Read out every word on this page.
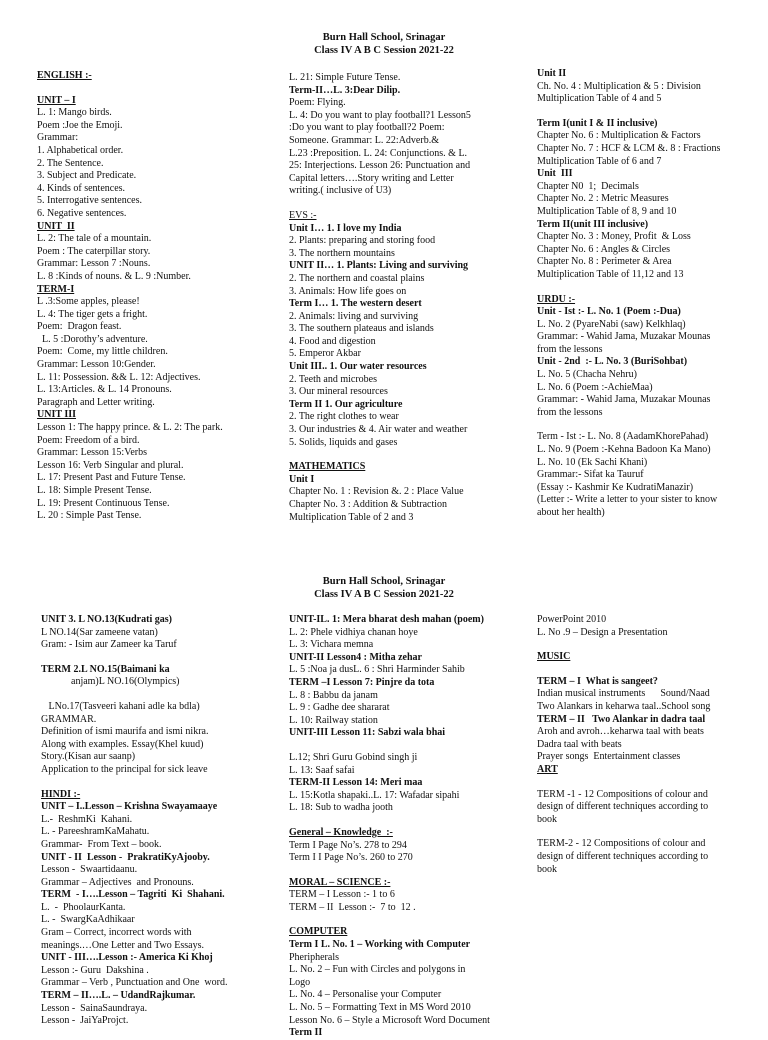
Burn Hall School, Srinagar
Class IV A B C Session 2021-22
ENGLISH :-
UNIT – I
L. 1: Mango birds.
Poem :Joe the Emoji.
Grammar:
1. Alphabetical order.
2. The Sentence.
3. Subject and Predicate.
4. Kinds of sentences.
5. Interrogative sentences.
6. Negative sentences.
UNIT  II
L. 2: The tale of a mountain.
Poem : The caterpillar story.
Grammar: Lesson 7 :Nouns.
L. 8 :Kinds of nouns. & L. 9 :Number.
TERM-I
L .3:Some apples, please!
L. 4: The tiger gets a fright.
Poem:  Dragon feast.
L. 5 :Dorothy’s adventure.
Poem:  Come, my little children.
Grammar: Lesson 10:Gender.
L. 11: Possession. && L. 12: Adjectives.
L. 13:Articles. & L. 14 Pronouns.
Paragraph and Letter writing.
UNIT III
Lesson 1: The happy prince. & L. 2: The park.
Poem: Freedom of a bird.
Grammar: Lesson 15:Verbs
Lesson 16: Verb Singular and plural.
L. 17: Present Past and Future Tense.
L. 18: Simple Present Tense.
L. 19: Present Continuous Tense.
L. 20 : Simple Past Tense.
L. 21: Simple Future Tense.
Term-II…L. 3:Dear Dilip.
Poem: Flying.
L. 4: Do you want to play football?1 Lesson5
:Do you want to play football?2 Poem:
Someone. Grammar: L. 22:Adverb.&
L.23 :Preposition. L. 24: Conjunctions. & L.
25: Interjections. Lesson 26: Punctuation and
Capital letters….Story writing and Letter
writing.( inclusive of U3)
EVS :-
Unit I… 1. I love my India
2. Plants: preparing and storing food
3. The northern mountains
UNIT II… 1. Plants: Living and surviving
2. The northern and coastal plains
3. Animals: How life goes on
Term I… 1. The western desert
2. Animals: living and surviving
3. The southern plateaus and islands
4. Food and digestion
5. Emperor Akbar
Unit III.. 1. Our water resources
2. Teeth and microbes
3. Our mineral resources
Term II 1. Our agriculture
2. The right clothes to wear
3. Our industries & 4. Air water and weather
5. Solids, liquids and gases
MATHEMATICS
Unit I
Chapter No. 1 : Revision &. 2 : Place Value
Chapter No. 3 : Addition & Subtraction
Multiplication Table of 2 and 3
Unit II
Ch. No. 4 : Multiplication & 5 : Division
Multiplication Table of 4 and 5
Term I(unit I & II inclusive)
Chapter No. 6 : Multiplication & Factors
Chapter No. 7 : HCF & LCM &. 8 : Fractions
Multiplication Table of 6 and 7
Unit  III
Chapter N0  1;  Decimals
Chapter No. 2 : Metric Measures
Multiplication Table of 8, 9 and 10
Term II(unit III inclusive)
Chapter No. 3 : Money, Profit  & Loss
Chapter No. 6 : Angles & Circles
Chapter No. 8 : Perimeter & Area
Multiplication Table of 11,12 and 13
URDU :-
Unit - Ist :- L. No. 1 (Poem :-Dua)
L. No. 2 (PyareNabi (saw) Kelkhlaq)
Grammar: - Wahid Jama, Muzakar Mounas
from the lessons
Unit - 2nd  :- L. No. 3 (BuriSohbat)
L. No. 5 (Chacha Nehru)
L. No. 6 (Poem :-AchieMaa)
Grammar: - Wahid Jama, Muzakar Mounas
from the lessons
Term - Ist :- L. No. 8 (AadamKhorePahad)
L. No. 9 (Poem :-Kehna Badoon Ka Mano)
L. No. 10 (Ek Sachi Khani)
Grammar:- Sifat ka Tauruf
(Essay :- Kashmir Ke KudratiManazir)
(Letter :- Write a letter to your sister to know
about her health)
Burn Hall School, Srinagar
Class IV A B C Session 2021-22
UNIT 3. L NO.13(Kudrati gas)
L NO.14(Sar zameene vatan)
Gram: - Isim aur Zameer ka Taruf
TERM 2.L NO.15(Baimani ka
anjam)L NO.16(Olympics)
LNo.17(Tasveeri kahani adle ka bdla)
GRAMMAR.
Definition of ismi maurifa and ismi nikra.
Along with examples. Essay(Khel kuud)
Story.(Kisan aur saanp)
Application to the principal for sick leave
HINDI :-
UNIT – I..Lesson – Krishna Swayamaaye
L.-  ReshmKi  Kahani.
L. - PareeshramKaMahatu.
Grammar-  From Text – book.
UNIT - II  Lesson -  PrakratiKyAjooby.
Lesson -  Swaartidaanu.
Grammar – Adjectives  and Pronouns.
TERM  - I….Lesson – Tagriti  Ki  Shahani.
L.  -  PhoolaurKanta.
L. -  SwargKaAdhikaar
Gram – Correct, incorrect words with
meanings.…One Letter and Two Essays.
UNIT - III….Lesson :- America Ki Khoj
Lesson :- Guru  Dakshina .
Grammar – Verb , Punctuation and One  word.
TERM – II….L. – UdandRajkumar.
Lesson -  SainaSaundraya.
Lesson -  JaiYaProjct.
UNIT-IL. 1: Mera bharat desh mahan (poem)
L. 2: Phele vidhiya chanan hoye
L. 3: Vichara memna
UNIT-II Lesson4 : Mitha zehar
L. 5 :Noa ja dusL. 6 : Shri Harminder Sahib
TERM –I Lesson 7: Pinjre da tota
L. 8 : Babbu da janam
L. 9 : Gadhe dee shararat
L. 10: Railway station
UNIT-III Lesson 11: Sabzi wala bhai
L.12; Shri Guru Gobind singh ji
L. 13: Saaf safai
TERM-II Lesson 14: Meri maa
L. 15:Kotla shapaki..L. 17: Wafadar sipahi
L. 18: Sub to wadha jooth
General – Knowledge  :-
Term I Page No’s. 278 to 294
Term I I Page No’s. 260 to 270
MORAL – SCIENCE :-
TERM – I Lesson :- 1 to 6
TERM – II  Lesson :-  7 to  12 .
COMPUTER
Term I L. No. 1 – Working with Computer
Pheripherals
L. No. 2 – Fun with Circles and polygons in
Logo
L. No. 4 – Personalise your Computer
L. No. 5 – Formatting Text in MS Word 2010
Lesson No. 6 – Style a Microsoft Word Document
Term II
PowerPoint 2010
L. No .9 – Design a Presentation
MUSIC
TERM – I  What is sangeet?
Indian musical instruments      Sound/Naad
Two Alankars in keharwa taal..School song
TERM – II   Two Alankar in dadra taal
Aroh and avroh…keharwa taal with beats
Dadra taal with beats
Prayer songs  Entertainment classes
ART
TERM -1 - 12 Compositions of colour and
design of different techniques according to
book
TERM-2 - 12 Compositions of colour and
design of different techniques according to
book
